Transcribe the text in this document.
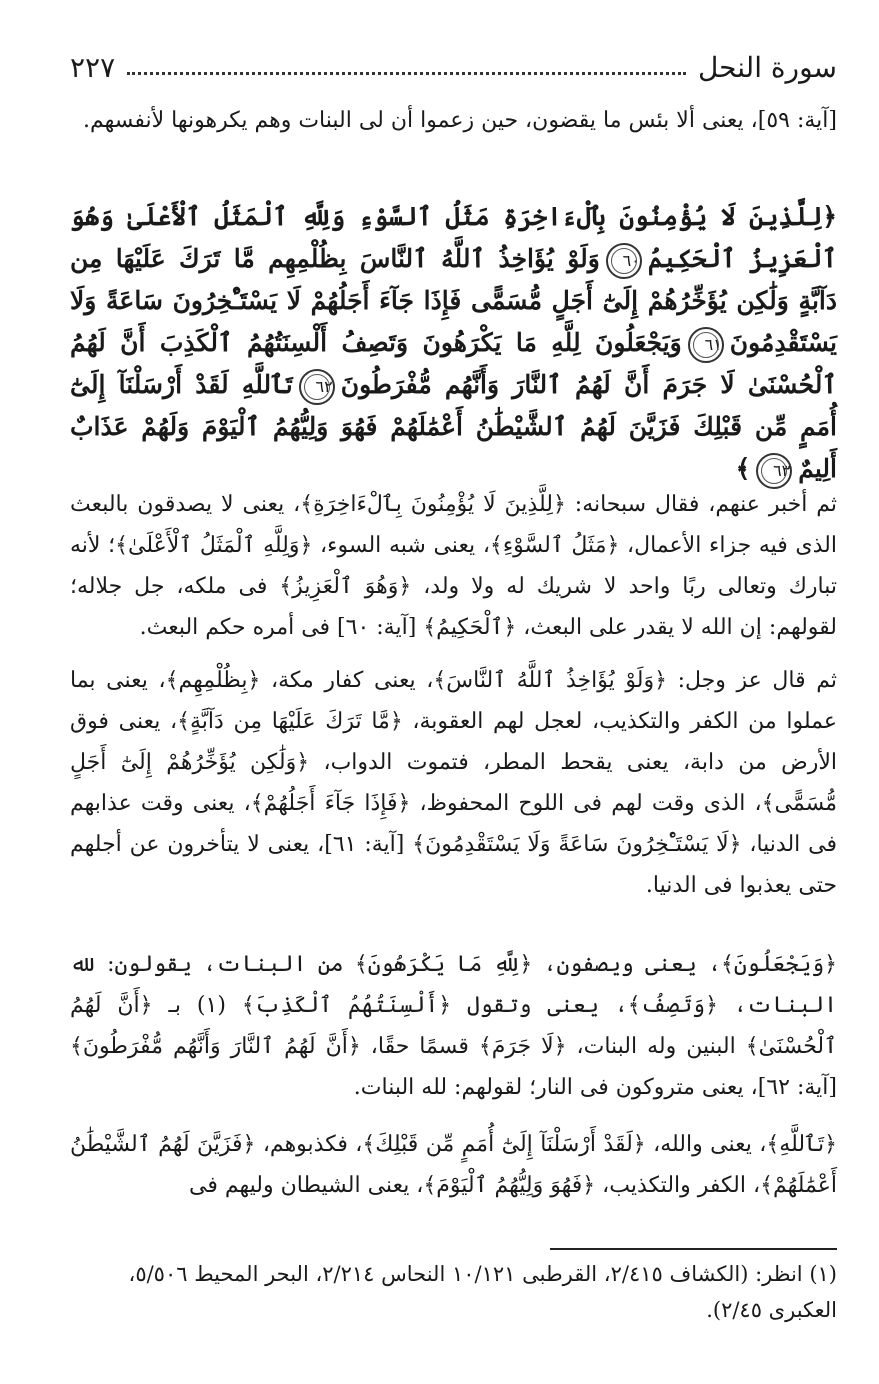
سورة النحل
٢٢٧

[آية: ٥٩]، يعنى ألا بئس ما يقضون، حين زعموا أن لى البنات وهم يكرهونها لأنفسهم.

﴿لِلَّذِينَ لَا يُؤْمِنُونَ بِٱلْءَاخِرَةِ مَثَلُ ٱلسَّوْءِ وَلِلَّهِ ٱلْمَثَلُ ٱلْأَعْلَىٰ وَهُوَ ٱلْعَزِيزُ ٱلْحَكِيمُ٦٠وَلَوْ يُؤَاخِذُ ٱللَّهُ ٱلنَّاسَ بِظُلْمِهِم مَّا تَرَكَ عَلَيْهَا مِن دَآبَّةٍ وَلَٰكِن يُؤَخِّرُهُمْ إِلَىٰٓ أَجَلٍ مُّسَمًّى فَإِذَا جَآءَ أَجَلُهُمْ لَا يَسْتَـْٔخِرُونَ سَاعَةً وَلَا يَسْتَقْدِمُونَ٦١وَيَجْعَلُونَ لِلَّهِ مَا يَكْرَهُونَ وَتَصِفُ أَلْسِنَتُهُمُ ٱلْكَذِبَ أَنَّ لَهُمُ ٱلْحُسْنَىٰ لَا جَرَمَ أَنَّ لَهُمُ ٱلنَّارَ وَأَنَّهُم مُّفْرَطُونَ٦٢تَٱللَّهِ لَقَدْ أَرْسَلْنَآ إِلَىٰٓ أُمَمٍ مِّن قَبْلِكَ فَزَيَّنَ لَهُمُ ٱلشَّيْطَٰنُ أَعْمَٰلَهُمْ فَهُوَ وَلِيُّهُمُ ٱلْيَوْمَ وَلَهُمْ عَذَابٌ أَلِيمٌ٦٣﴾

ثم أخبر عنهم، فقال سبحانه: ﴿لِلَّذِينَ لَا يُؤْمِنُونَ بِٱلْءَاخِرَةِ﴾، يعنى لا يصدقون بالبعث الذى فيه جزاء الأعمال، ﴿مَثَلُ ٱلسَّوْءِ﴾، يعنى شبه السوء، ﴿وَلِلَّهِ ٱلْمَثَلُ ٱلْأَعْلَىٰ﴾؛ لأنه تبارك وتعالى ربًا واحد لا شريك له ولا ولد، ﴿وَهُوَ ٱلْعَزِيزُ﴾ فى ملكه، جل جلاله؛ لقولهم: إن الله لا يقدر على البعث، ﴿ٱلْحَكِيمُ﴾ [آية: ٦٠] فى أمره حكم البعث.

ثم قال عز وجل: ﴿وَلَوْ يُؤَاخِذُ ٱللَّهُ ٱلنَّاسَ﴾، يعنى كفار مكة، ﴿بِظُلْمِهِم﴾، يعنى بما عملوا من الكفر والتكذيب، لعجل لهم العقوبة، ﴿مَّا تَرَكَ عَلَيْهَا مِن دَآبَّةٍ﴾، يعنى فوق الأرض من دابة، يعنى يقحط المطر، فتموت الدواب، ﴿وَلَٰكِن يُؤَخِّرُهُمْ إِلَىٰٓ أَجَلٍ مُّسَمًّى﴾، الذى وقت لهم فى اللوح المحفوظ، ﴿فَإِذَا جَآءَ أَجَلُهُمْ﴾، يعنى وقت عذابهم فى الدنيا، ﴿لَا يَسْتَـْٔخِرُونَ سَاعَةً وَلَا يَسْتَقْدِمُونَ﴾ [آية: ٦١]، يعنى لا يتأخرون عن أجلهم حتى يعذبوا فى الدنيا.

﴿وَيَجْعَلُونَ﴾، يعنى ويصفون، ﴿لِلَّهِ مَا يَكْرَهُونَ﴾ من البنات، يقولون: لله البنات، ﴿وَتَصِفُ﴾، يعنى وتقول ﴿أَلْسِنَتُهُمُ ٱلْكَذِبَ﴾ (١) بـ ﴿أَنَّ لَهُمُ ٱلْحُسْنَىٰ﴾ البنين وله البنات، ﴿لَا جَرَمَ﴾ قسمًا حقًا، ﴿أَنَّ لَهُمُ ٱلنَّارَ وَأَنَّهُم مُّفْرَطُونَ﴾ [آية: ٦٢]، يعنى متروكون فى النار؛ لقولهم: لله البنات.

﴿تَٱللَّهِ﴾، يعنى والله، ﴿لَقَدْ أَرْسَلْنَآ إِلَىٰٓ أُمَمٍ مِّن قَبْلِكَ﴾، فكذبوهم، ﴿فَزَيَّنَ لَهُمُ ٱلشَّيْطَٰنُ أَعْمَٰلَهُمْ﴾، الكفر والتكذيب، ﴿فَهُوَ وَلِيُّهُمُ ٱلْيَوْمَ﴾، يعنى الشيطان وليهم فى

(١) انظر: (الكشاف ٢/٤١٥، القرطبى ١٠/١٢١ النحاس ٢/٢١٤، البحر المحيط ٥/٥٠٦، العكبرى ٢/٤٥).
